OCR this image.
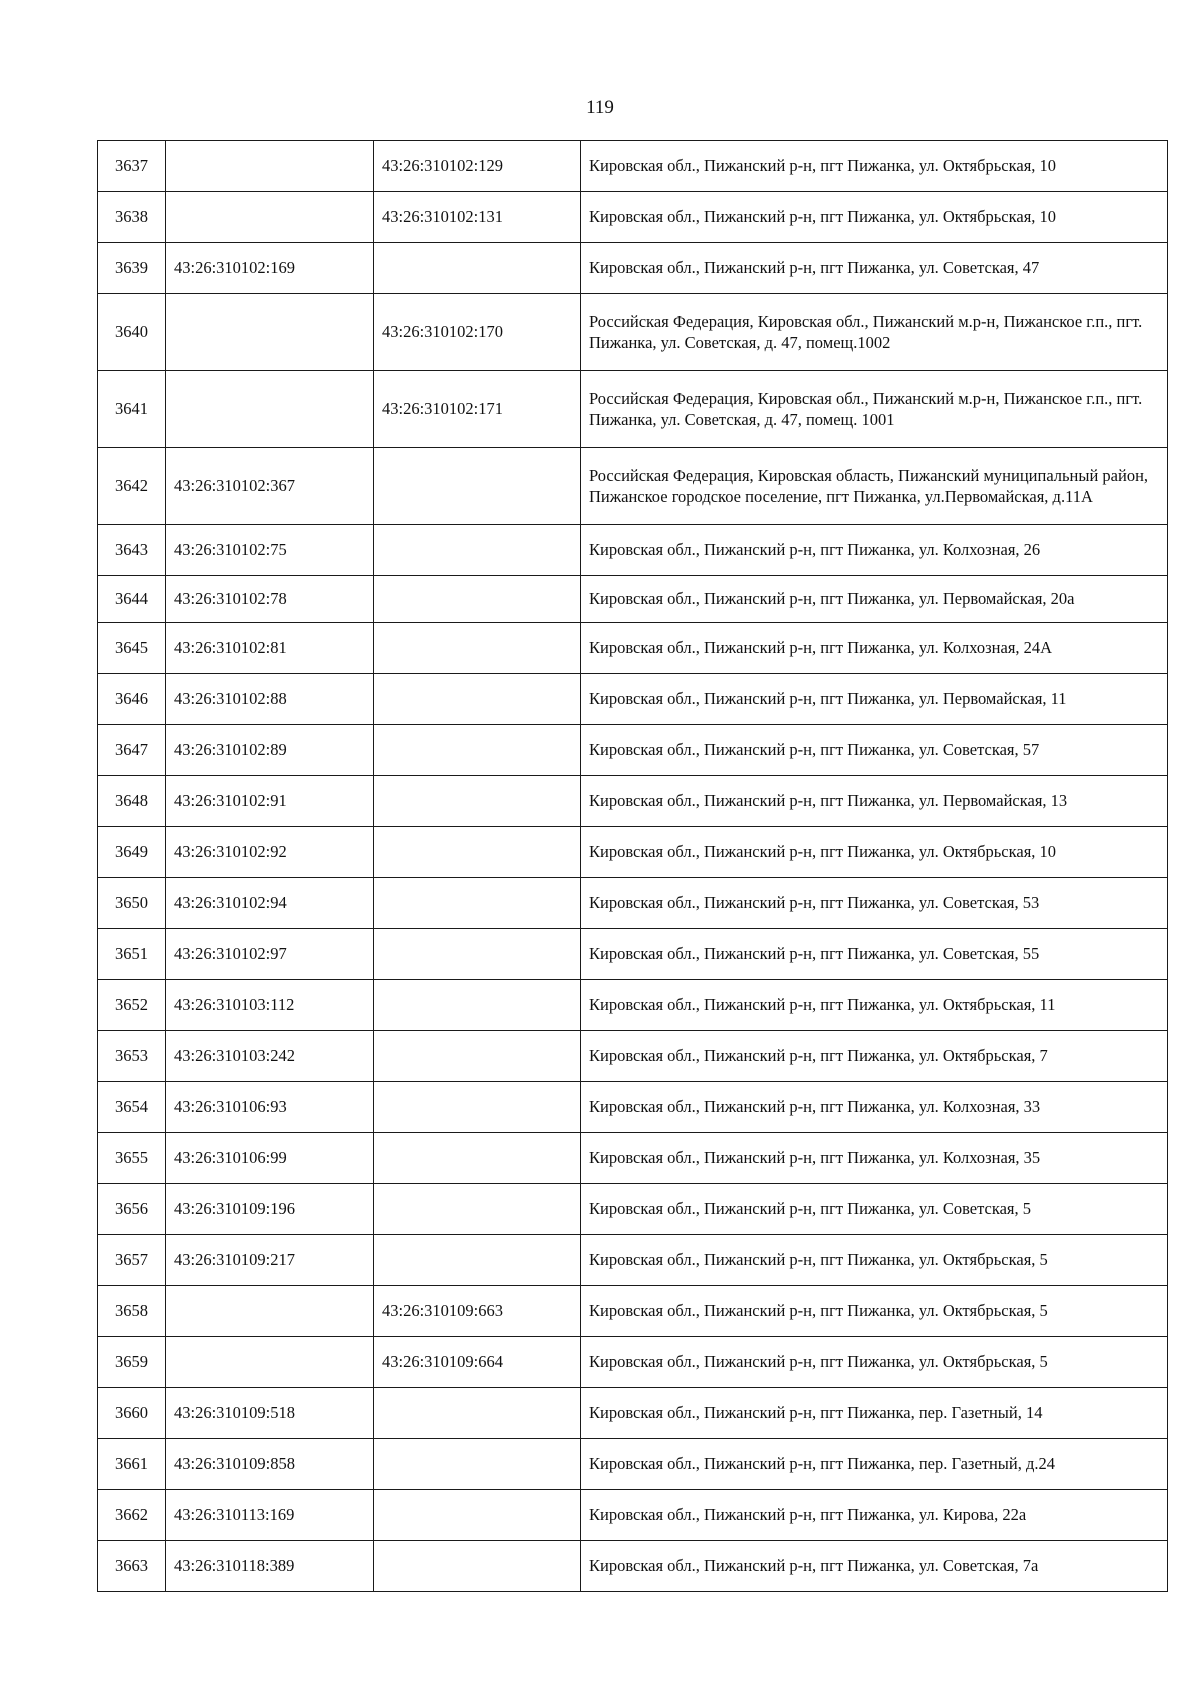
119
3637		43:26:310102:129	Кировская обл., Пижанский р-н, пгт Пижанка, ул. Октябрьская, 10
3638		43:26:310102:131	Кировская обл., Пижанский р-н, пгт Пижанка, ул. Октябрьская, 10
3639	43:26:310102:169		Кировская обл., Пижанский р-н, пгт Пижанка, ул. Советская, 47
3640		43:26:310102:170	Российская Федерация, Кировская обл., Пижанский м.р-н, Пижанское г.п., пгт. Пижанка, ул. Советская, д. 47, помещ.1002
3641		43:26:310102:171	Российская Федерация, Кировская обл., Пижанский м.р-н, Пижанское г.п., пгт. Пижанка, ул. Советская, д. 47, помещ. 1001
3642	43:26:310102:367		Российская Федерация, Кировская область, Пижанский муниципальный район, Пижанское городское поселение, пгт Пижанка, ул.Первомайская, д.11А
3643	43:26:310102:75		Кировская обл., Пижанский р-н, пгт Пижанка, ул. Колхозная, 26
3644	43:26:310102:78		Кировская обл., Пижанский р-н, пгт Пижанка, ул. Первомайская, 20а
3645	43:26:310102:81		Кировская обл., Пижанский р-н, пгт Пижанка, ул. Колхозная, 24А
3646	43:26:310102:88		Кировская обл., Пижанский р-н, пгт Пижанка, ул. Первомайская, 11
3647	43:26:310102:89		Кировская обл., Пижанский р-н, пгт Пижанка, ул. Советская, 57
3648	43:26:310102:91		Кировская обл., Пижанский р-н, пгт Пижанка, ул. Первомайская, 13
3649	43:26:310102:92		Кировская обл., Пижанский р-н, пгт Пижанка, ул. Октябрьская, 10
3650	43:26:310102:94		Кировская обл., Пижанский р-н, пгт Пижанка, ул. Советская, 53
3651	43:26:310102:97		Кировская обл., Пижанский р-н, пгт Пижанка, ул. Советская, 55
3652	43:26:310103:112		Кировская обл., Пижанский р-н, пгт Пижанка, ул. Октябрьская, 11
3653	43:26:310103:242		Кировская обл., Пижанский р-н, пгт Пижанка, ул. Октябрьская, 7
3654	43:26:310106:93		Кировская обл., Пижанский р-н, пгт Пижанка, ул. Колхозная, 33
3655	43:26:310106:99		Кировская обл., Пижанский р-н, пгт Пижанка, ул. Колхозная, 35
3656	43:26:310109:196		Кировская обл., Пижанский р-н, пгт Пижанка, ул. Советская, 5
3657	43:26:310109:217		Кировская обл., Пижанский р-н, пгт Пижанка, ул. Октябрьская, 5
3658		43:26:310109:663	Кировская обл., Пижанский р-н, пгт Пижанка, ул. Октябрьская, 5
3659		43:26:310109:664	Кировская обл., Пижанский р-н, пгт Пижанка, ул. Октябрьская, 5
3660	43:26:310109:518		Кировская обл., Пижанский р-н, пгт Пижанка, пер. Газетный, 14
3661	43:26:310109:858		Кировская обл., Пижанский р-н, пгт Пижанка, пер. Газетный, д.24
3662	43:26:310113:169		Кировская обл., Пижанский р-н, пгт Пижанка, ул. Кирова, 22а
3663	43:26:310118:389		Кировская обл., Пижанский р-н, пгт Пижанка, ул. Советская, 7а
